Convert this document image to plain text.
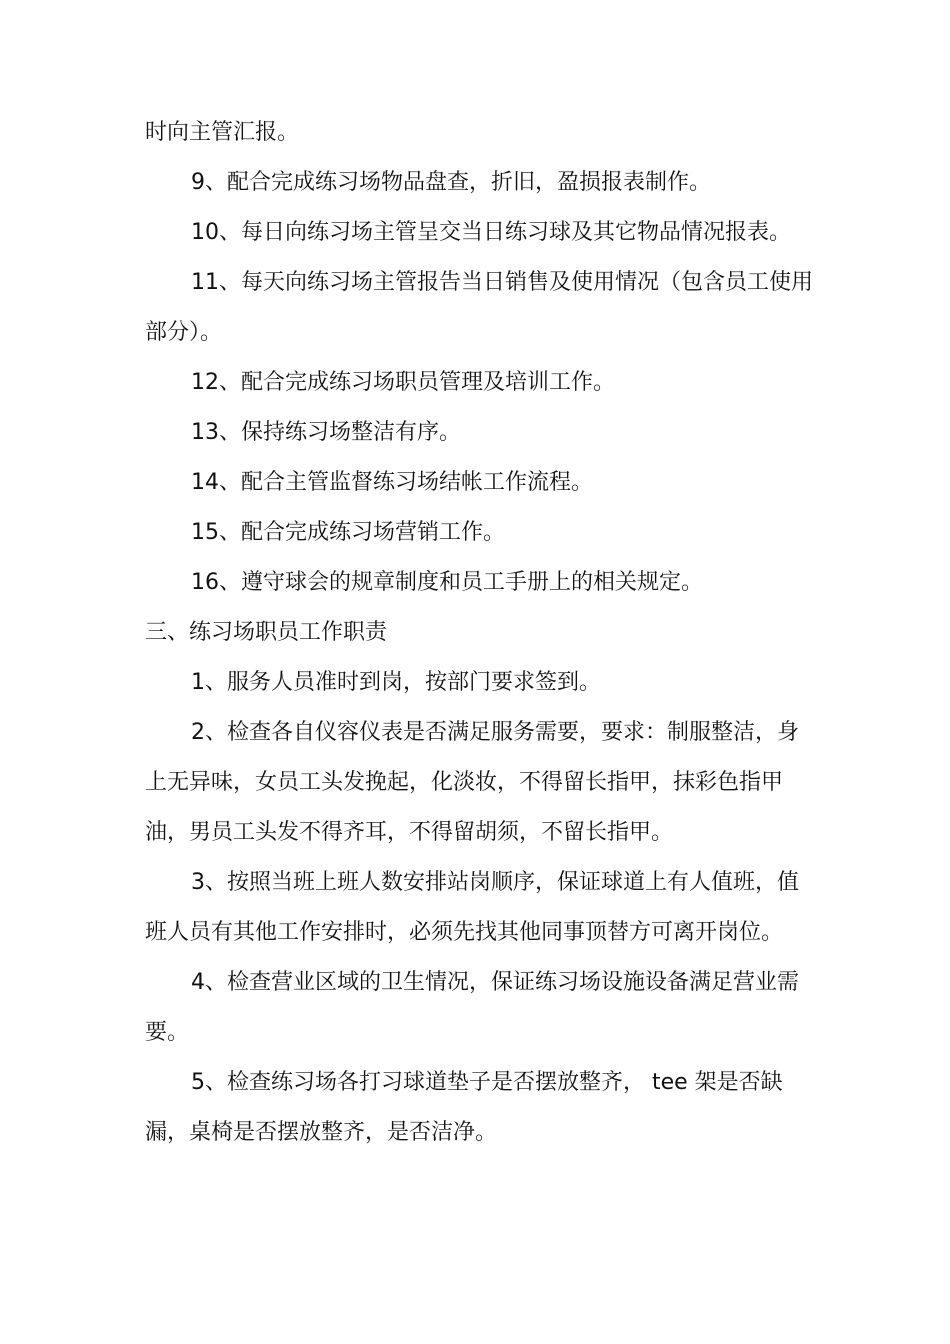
时向主管汇报。

9、配合完成练习场物品盘查，折旧，盈损报表制作。

10、每日向练习场主管呈交当日练习球及其它物品情况报表。

11、每天向练习场主管报告当日销售及使用情况（包含员工使用部分）。

12、配合完成练习场职员管理及培训工作。

13、保持练习场整洁有序。

14、配合主管监督练习场结帐工作流程。

15、配合完成练习场营销工作。

16、遵守球会的规章制度和员工手册上的相关规定。

三、练习场职员工作职责

1、服务人员准时到岗，按部门要求签到。

2、检查各自仪容仪表是否满足服务需要，要求：制服整洁，身上无异味，女员工头发挽起，化淡妆，不得留长指甲，抹彩色指甲油，男员工头发不得齐耳，不得留胡须，不留长指甲。

3、按照当班上班人数安排站岗顺序，保证球道上有人值班，值班人员有其他工作安排时，必须先找其他同事顶替方可离开岗位。

4、检查营业区域的卫生情况，保证练习场设施设备满足营业需要。

5、检查练习场各打习球道垫子是否摆放整齐， tee 架是否缺漏，桌椅是否摆放整齐，是否洁净。
